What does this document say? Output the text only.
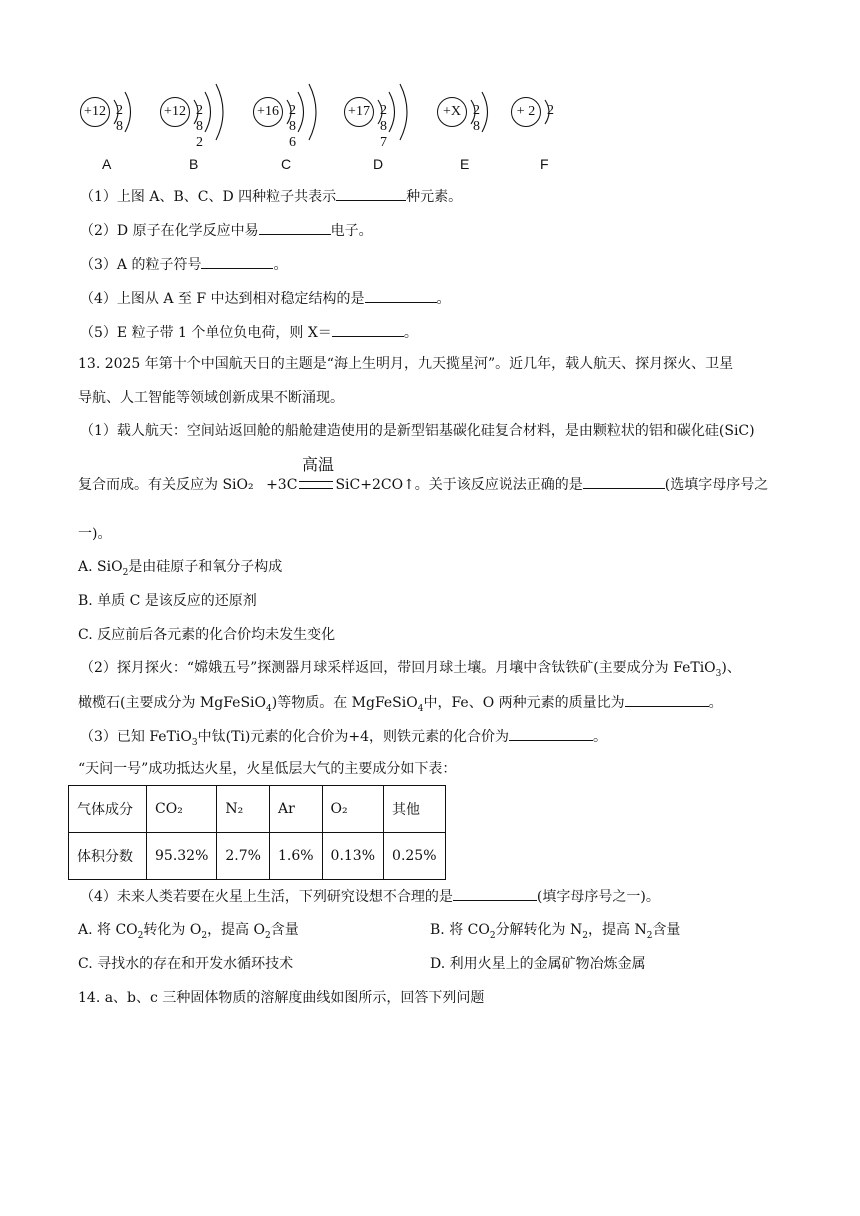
+12 2 8
A
+12 2 8 2
B
+16 2 8 6
C
+17 2 8 7
D
+X 2 8
E
+ 2 2
F
（1）上图 A、B、C、D 四种粒子共表示	种元素。
（2）D 原子在化学反应中易	电子。
（3）A 的粒子符号	。
（4）上图从 A 至 F 中达到相对稳定结构的是	。
（5）E 粒子带 1 个单位负电荷，则 X＝	。
13. 2025 年第十个中国航天日的主题是“海上生明月，九天揽星河”。近几年，载人航天、探月探火、卫星
导航、人工智能等领域创新成果不断涌现。
（1）载人航天：空间站返回舱的船舱建造使用的是新型铝基碳化硅复合材料，是由颗粒状的铝和碳化硅(SiC)
高温
复合而成。有关反应为 SiO₂ +3C	SiC+2CO↑。关于该反应说法正确的是	(选填字母序号之
一)。
A. SiO$_2$是由硅原子和氧分子构成
B. 单质 C 是该反应的还原剂
C. 反应前后各元素的化合价均未发生变化
（2）探月探火：“嫦娥五号”探测器月球采样返回，带回月球土壤。月壤中含钛铁矿(主要成分为 FeTiO$_3$)、
橄榄石(主要成分为 MgFeSiO$_4$)等物质。在 MgFeSiO$_4$中，Fe、O 两种元素的质量比为	。
（3）已知 FeTiO$_3$中钛(Ti)元素的化合价为+4，则铁元素的化合价为	。
“天问一号”成功抵达火星，火星低层大气的主要成分如下表：
气体成分	CO₂	N₂	Ar	O₂	其他
体积分数	95.32%	2.7%	1.6%	0.13%	0.25%
（4）未来人类若要在火星上生活，下列研究设想不合理的是	(填字母序号之一)。
A. 将 $CO_2$转化为 $O_2$，提高 $O_2$含量	B. 将 $CO_2$分解转化为 $N_2$，提高 $N_2$含量
C. 寻找水的存在和开发水循环技术	D. 利用火星上的金属矿物冶炼金属
14. a、b、c 三种固体物质的溶解度曲线如图所示，回答下列问题
